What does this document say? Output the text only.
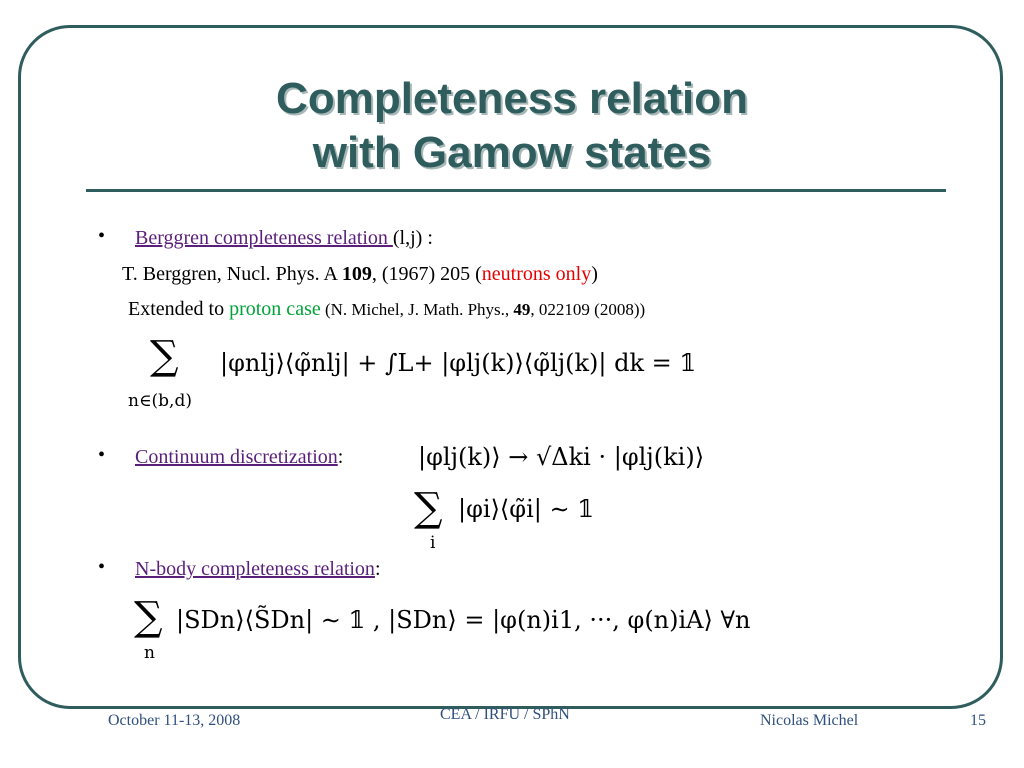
Completeness relation
with Gamow states
• Berggren completeness relation (l,j) :
T. Berggren, Nucl. Phys. A 109, (1967) 205 (neutrons only)
Extended to proton case (N. Michel, J. Math. Phys., 49, 022109 (2008))
∑
n∈(b,d)
|φnlj⟩⟨φ̃nlj| + ∫L+ |φlj(k)⟩⟨φ̃lj(k)| dk = 𝟙
• Continuum discretization:	|φlj(k)⟩ → √Δki · |φlj(ki)⟩
∑
i
|φi⟩⟨φ̃i| ∼ 𝟙
• N-body completeness relation:
∑
n
|SDn⟩⟨S̃Dn| ∼ 𝟙 , |SDn⟩ = |φ(n)i1, ···, φ(n)iA⟩ ∀n
October 11-13, 2008	CEA / IRFU / SPhN	Nicolas Michel	15
